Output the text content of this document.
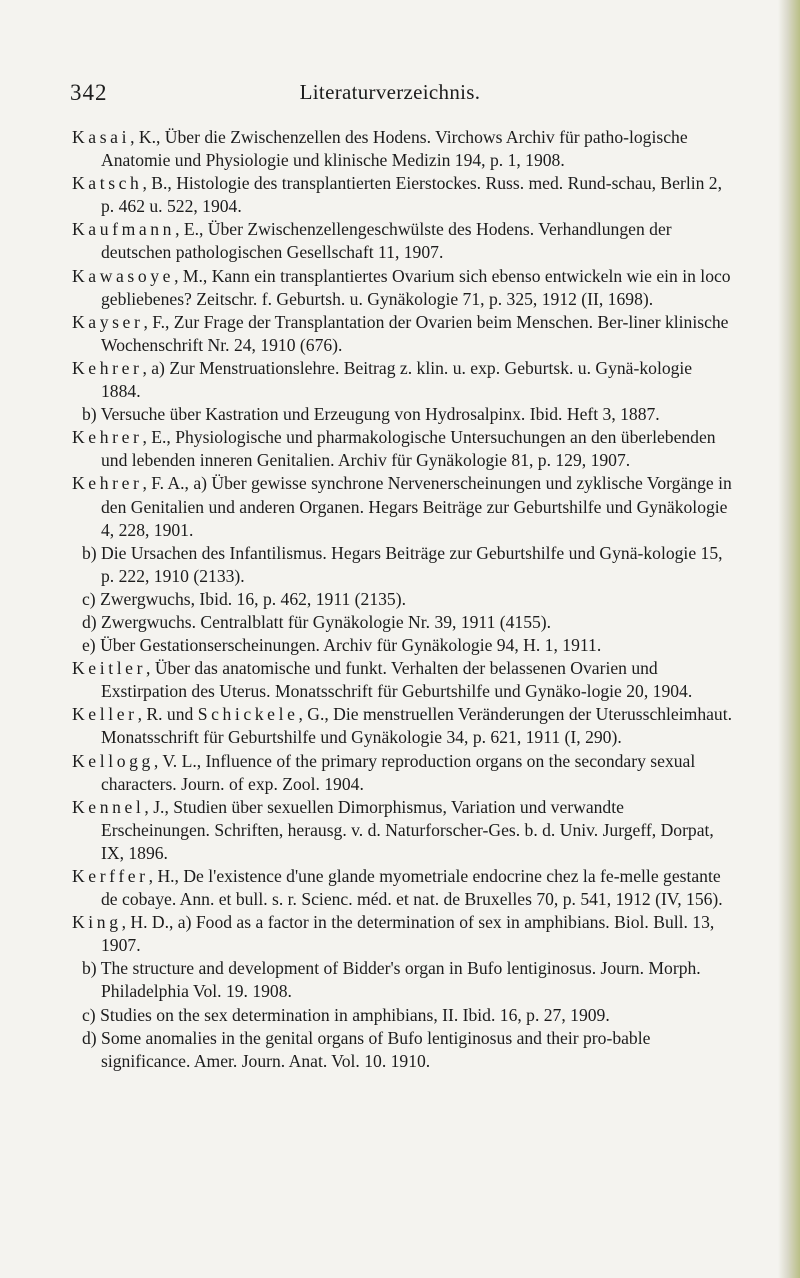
342	Literaturverzeichnis.
Kasai, K., Über die Zwischenzellen des Hodens. Virchows Archiv für patho-logische Anatomie und Physiologie und klinische Medizin 194, p. 1, 1908.
Katsch, B., Histologie des transplantierten Eierstockes. Russ. med. Rund-schau, Berlin 2, p. 462 u. 522, 1904.
Kaufmann, E., Über Zwischenzellengeschwülste des Hodens. Verhandlungen der deutschen pathologischen Gesellschaft 11, 1907.
Kawasoye, M., Kann ein transplantiertes Ovarium sich ebenso entwickeln wie ein in loco gebliebenes? Zeitschr. f. Geburtsh. u. Gynäkologie 71, p. 325, 1912 (II, 1698).
Kayser, F., Zur Frage der Transplantation der Ovarien beim Menschen. Ber-liner klinische Wochenschrift Nr. 24, 1910 (676).
Kehrer, a) Zur Menstruationslehre. Beitrag z. klin. u. exp. Geburtsk. u. Gynä-kologie 1884.
b) Versuche über Kastration und Erzeugung von Hydrosalpinx. Ibid. Heft 3, 1887.
Kehrer, E., Physiologische und pharmakologische Untersuchungen an den überlebenden und lebenden inneren Genitalien. Archiv für Gynäkologie 81, p. 129, 1907.
Kehrer, F. A., a) Über gewisse synchrone Nervenerscheinungen und zyklische Vorgänge in den Genitalien und anderen Organen. Hegars Beiträge zur Geburtshilfe und Gynäkologie 4, 228, 1901.
b) Die Ursachen des Infantilismus. Hegars Beiträge zur Geburtshilfe und Gynä-kologie 15, p. 222, 1910 (2133).
c) Zwergwuchs, Ibid. 16, p. 462, 1911 (2135).
d) Zwergwuchs. Centralblatt für Gynäkologie Nr. 39, 1911 (4155).
e) Über Gestationserscheinungen. Archiv für Gynäkologie 94, H. 1, 1911.
Keitler, Über das anatomische und funkt. Verhalten der belassenen Ovarien und Exstirpation des Uterus. Monatsschrift für Geburtshilfe und Gynäko-logie 20, 1904.
Keller, R. und Schickele, G., Die menstruellen Veränderungen der Uterusschleimhaut. Monatsschrift für Geburtshilfe und Gynäkologie 34, p. 621, 1911 (I, 290).
Kellogg, V. L., Influence of the primary reproduction organs on the secondary sexual characters. Journ. of exp. Zool. 1904.
Kennel, J., Studien über sexuellen Dimorphismus, Variation und verwandte Erscheinungen. Schriften, herausg. v. d. Naturforscher-Ges. b. d. Univ. Jurgeff, Dorpat, IX, 1896.
Kerffer, H., De l'existence d'une glande myometriale endocrine chez la fe-melle gestante de cobaye. Ann. et bull. s. r. Scienc. méd. et nat. de Bruxelles 70, p. 541, 1912 (IV, 156).
King, H. D., a) Food as a factor in the determination of sex in amphibians. Biol. Bull. 13, 1907.
b) The structure and development of Bidder's organ in Bufo lentiginosus. Journ. Morph. Philadelphia Vol. 19. 1908.
c) Studies on the sex determination in amphibians, II. Ibid. 16, p. 27, 1909.
d) Some anomalies in the genital organs of Bufo lentiginosus and their pro-bable significance. Amer. Journ. Anat. Vol. 10. 1910.
